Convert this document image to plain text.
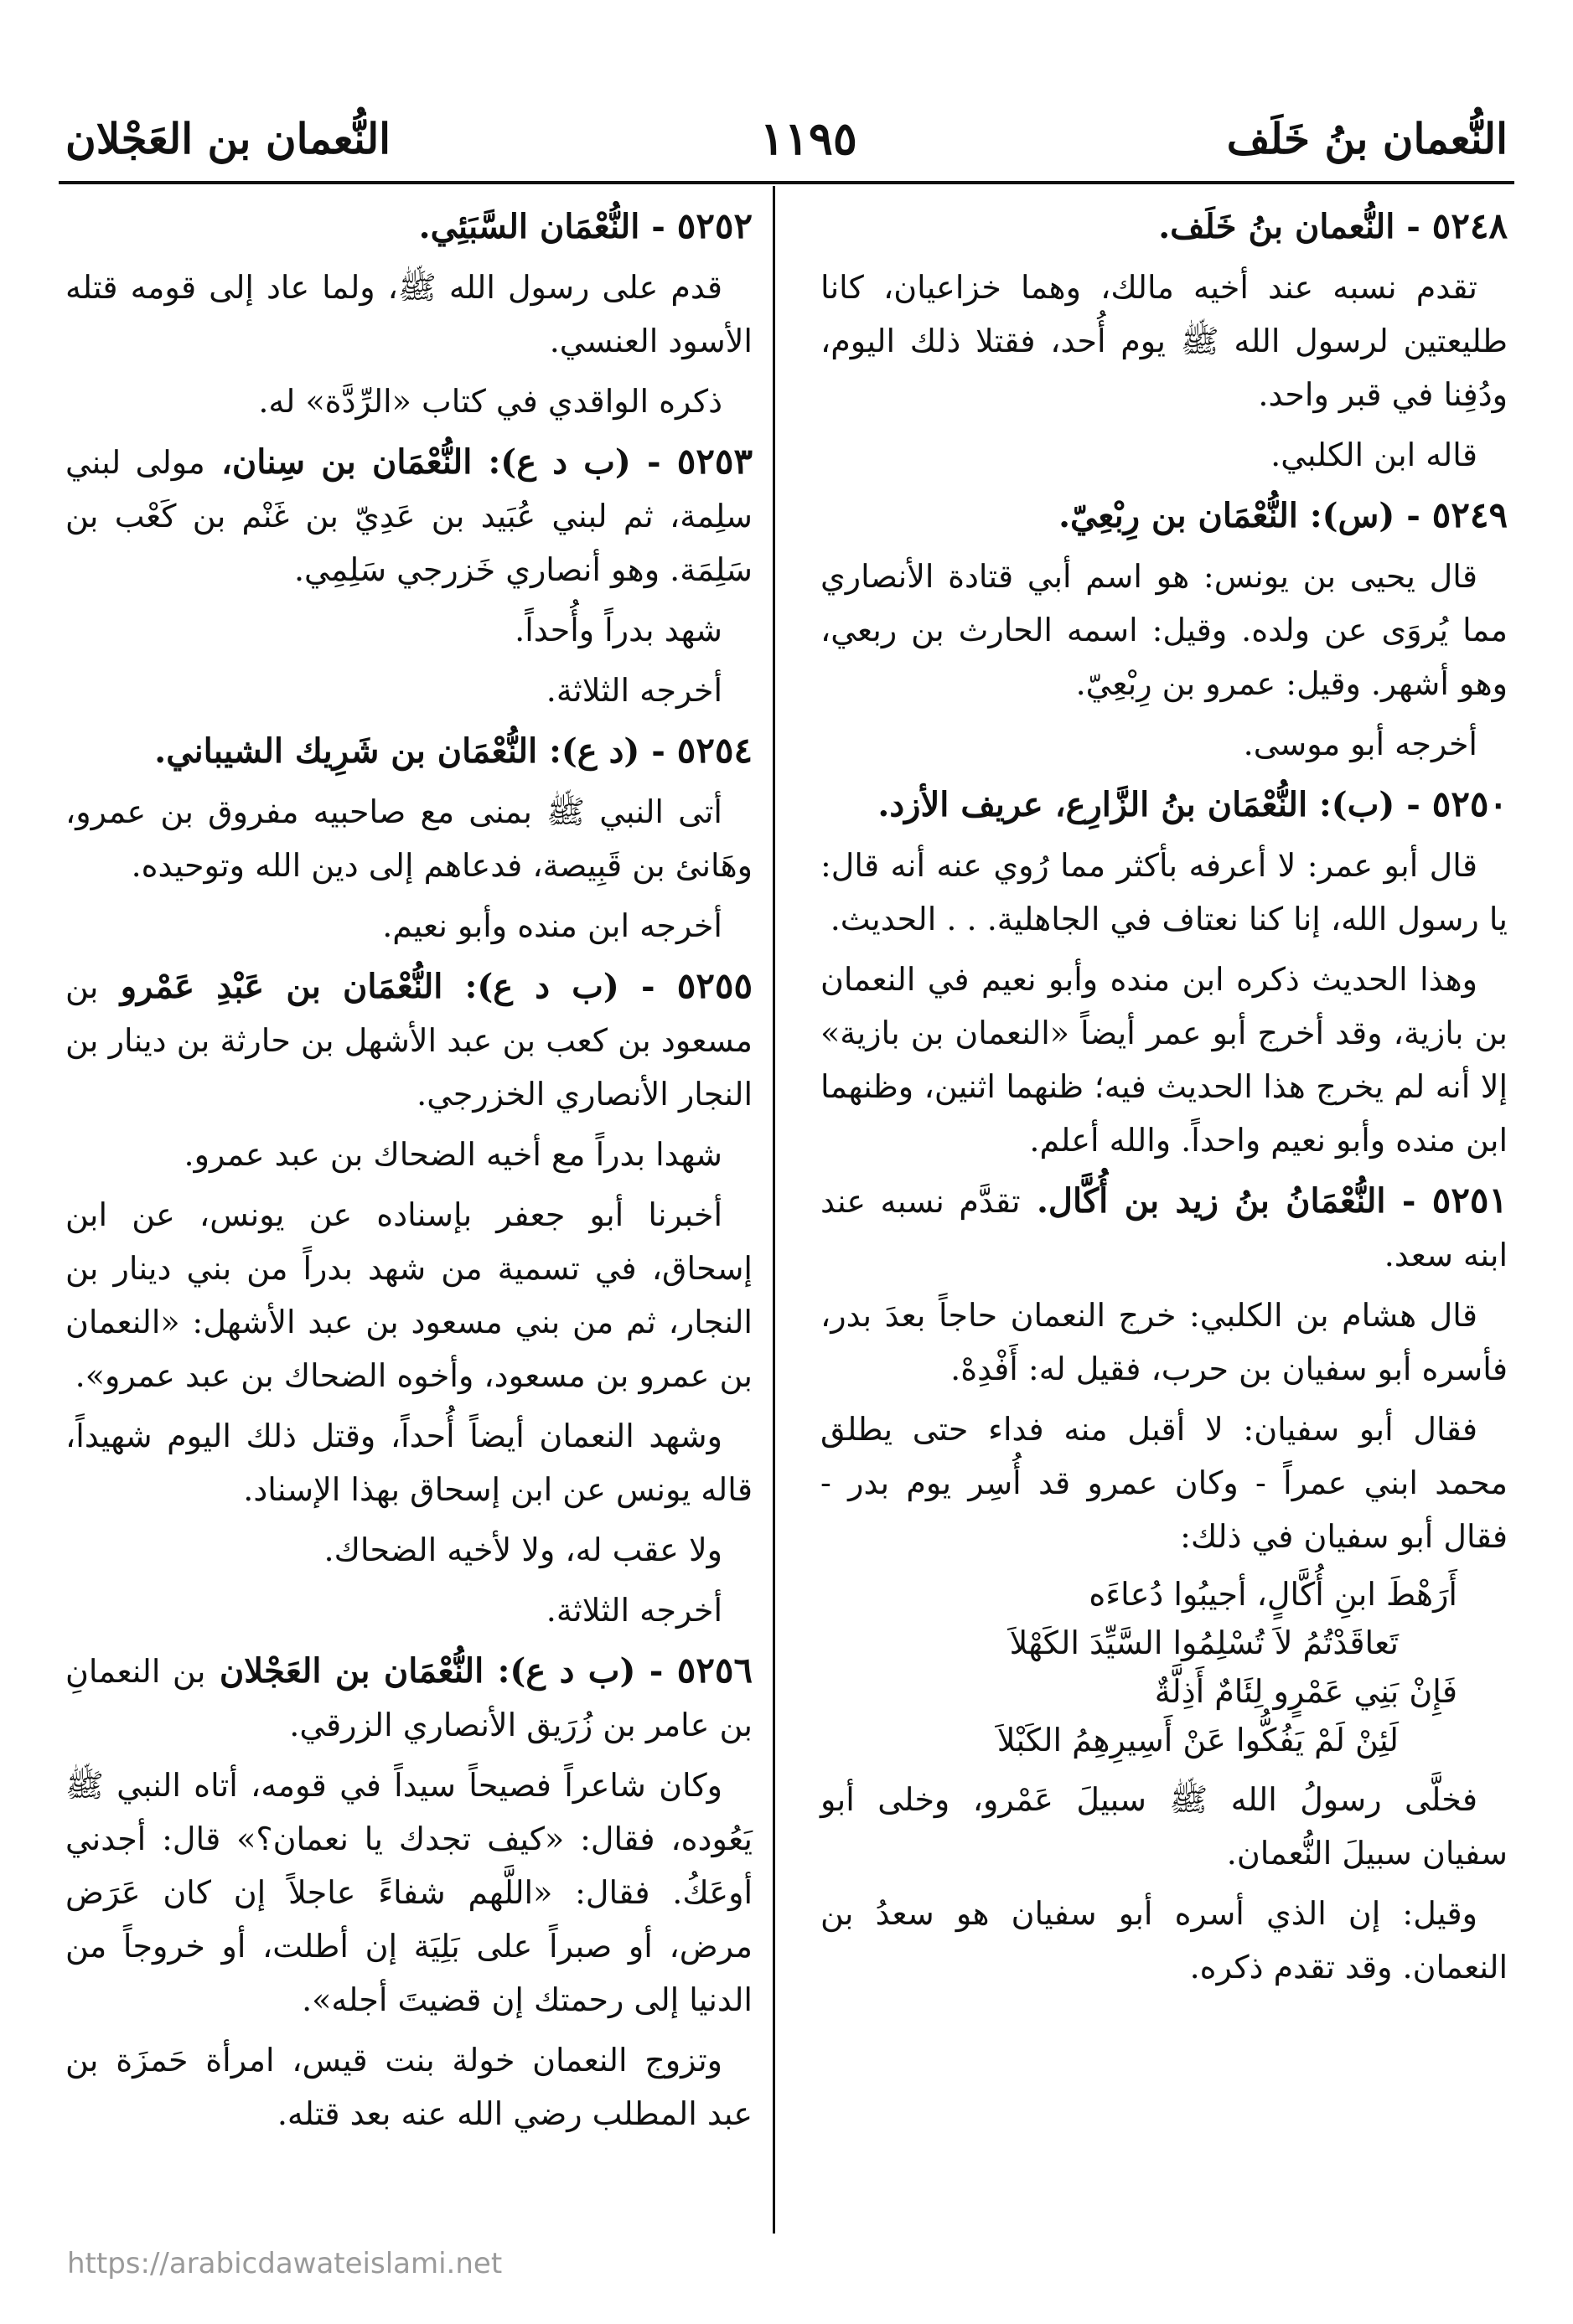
النُّعمان بنُ خَلَف
١١٩٥
النُّعمان بن العَجْلان

٥٢٤٨ - النُّعمان بنُ خَلَف.

تقدم نسبه عند أخيه مالك، وهما خزاعيان، كانا طليعتين لرسول الله ﷺ يوم أُحد، فقتلا ذلك اليوم، ودُفِنا في قبر واحد.

قاله ابن الكلبي.

٥٢٤٩ - (س): النُّعْمَان بن رِبْعِيّ.

قال يحيى بن يونس: هو اسم أبي قتادة الأنصاري مما يُروَى عن ولده. وقيل: اسمه الحارث بن ربعي، وهو أشهر. وقيل: عمرو بن رِبْعِيّ.

أخرجه أبو موسى.

٥٢٥٠ - (ب): النُّعْمَان بنُ الزَّارِع، عريف الأزد.

قال أبو عمر: لا أعرفه بأكثر مما رُوي عنه أنه قال: يا رسول الله، إنا كنا نعتاف في الجاهلية. . . الحديث.

وهذا الحديث ذكره ابن منده وأبو نعيم في النعمان بن بازية، وقد أخرج أبو عمر أيضاً «النعمان بن بازية» إلا أنه لم يخرج هذا الحديث فيه؛ ظنهما اثنين، وظنهما ابن منده وأبو نعيم واحداً. والله أعلم.

٥٢٥١ - النُّعْمَانُ بنُ زيد بن أُكَّال. تقدَّم نسبه عند ابنه سعد.

قال هشام بن الكلبي: خرج النعمان حاجاً بعدَ بدر، فأسره أبو سفيان بن حرب، فقيل له: أَفْدِهْ.

فقال أبو سفيان: لا أقبل منه فداء حتى يطلق محمد ابني عمراً - وكان عمرو قد أُسِر يوم بدر - فقال أبو سفيان في ذلك:

أَرَهْطَ ابنِ أُكَّالٍ، أجيبُوا دُعاءَه
تَعاقَدْتُمُ لاَ تُسْلِمُوا السَّيِّدَ الكَهْلاَ
فَإِنْ بَنِي عَمْرٍو لِئَامٌ أَذِلَّةٌ
لَئِنْ لَمْ يَفُكُّوا عَنْ أَسِيرِهِمُ الكَبْلاَ

فخلَّى رسولُ الله ﷺ سبيلَ عَمْرو، وخلى أبو سفيان سبيلَ النُّعمان.

وقيل: إن الذي أسره أبو سفيان هو سعدُ بن النعمان. وقد تقدم ذكره.

٥٢٥٢ - النُّعْمَان السَّبَئِي.

قدم على رسول الله ﷺ، ولما عاد إلى قومه قتله الأسود العنسي.

ذكره الواقدي في كتاب «الرِّدَّة» له.

٥٢٥٣ - (ب د ع): النُّعْمَان بن سِنان، مولى لبني سلِمة، ثم لبني عُبَيد بن عَدِيّ بن غَنْم بن كَعْب بن سَلِمَة. وهو أنصاري خَزرجي سَلِمِي.

شهد بدراً وأُحداً.

أخرجه الثلاثة.

٥٢٥٤ - (د ع): النُّعْمَان بن شَرِيك الشيباني.

أتى النبي ﷺ بمنى مع صاحبيه مفروق بن عمرو، وهَانئ بن قَبِيصة، فدعاهم إلى دين الله وتوحيده.

أخرجه ابن منده وأبو نعيم.

٥٢٥٥ - (ب د ع): النُّعْمَان بن عَبْدِ عَمْرو بن مسعود بن كعب بن عبد الأشهل بن حارثة بن دينار بن النجار الأنصاري الخزرجي.

شهدا بدراً مع أخيه الضحاك بن عبد عمرو.

أخبرنا أبو جعفر بإسناده عن يونس، عن ابن إسحاق، في تسمية من شهد بدراً من بني دينار بن النجار، ثم من بني مسعود بن عبد الأشهل: «النعمان بن عمرو بن مسعود، وأخوه الضحاك بن عبد عمرو».

وشهد النعمان أيضاً أُحداً، وقتل ذلك اليوم شهيداً، قاله يونس عن ابن إسحاق بهذا الإسناد.

ولا عقب له، ولا لأخيه الضحاك.

أخرجه الثلاثة.

٥٢٥٦ - (ب د ع): النُّعْمَان بن العَجْلان بن النعمانِ بن عامر بن زُرَيق الأنصاري الزرقي.

وكان شاعراً فصيحاً سيداً في قومه، أتاه النبي ﷺ يَعُوده، فقال: «كيف تجدك يا نعمان؟» قال: أجدني أوعَكُ. فقال: «اللَّهم شفاءً عاجلاً إن كان عَرَض مرض، أو صبراً على بَلِيَة إن أطلت، أو خروجاً من الدنيا إلى رحمتك إن قضيتَ أجله».

وتزوج النعمان خولة بنت قيس، امرأة حَمزَة بن عبد المطلب رضي الله عنه بعد قتله.

https://arabicdawateislami.net
